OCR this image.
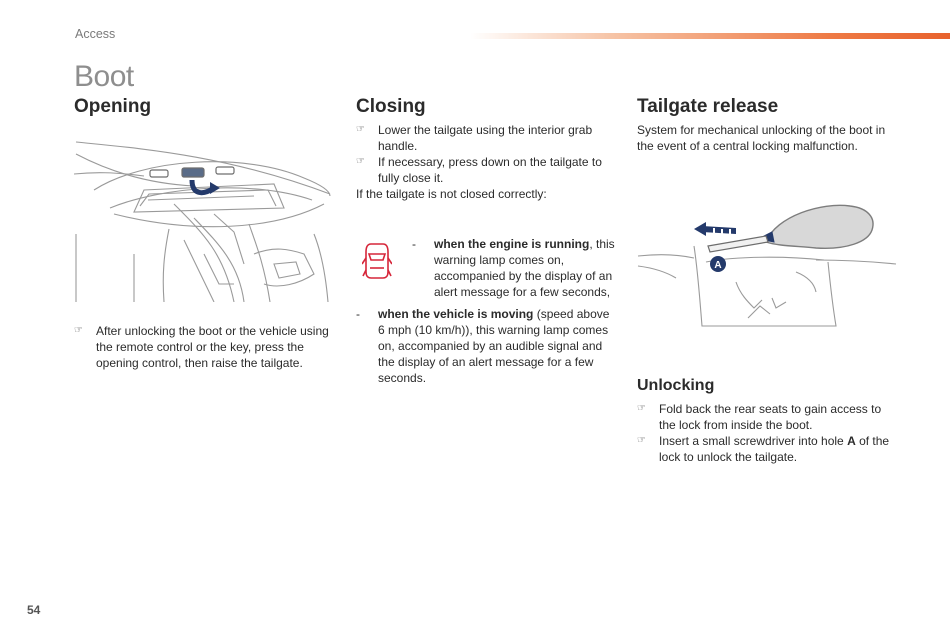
Access
Boot
Opening
☞	After unlocking the boot or the vehicle using the remote control or the key, press the opening control, then raise the tailgate.
Closing
☞	Lower the tailgate using the interior grab handle.
☞	If necessary, press down on the tailgate to fully close it.

If the tailgate is not closed correctly:

- when the engine is running, this warning lamp comes on, accompanied by the display of an alert message for a few seconds,
- when the vehicle is moving (speed above 6 mph (10 km/h)), this warning lamp comes on, accompanied by an audible signal and the display of an alert message for a few seconds.
Tailgate release

System for mechanical unlocking of the boot in the event of a central locking malfunction.

A
Unlocking
☞	Fold back the rear seats to gain access to the lock from inside the boot.
☞	Insert a small screwdriver into hole A of the lock to unlock the tailgate.
54
